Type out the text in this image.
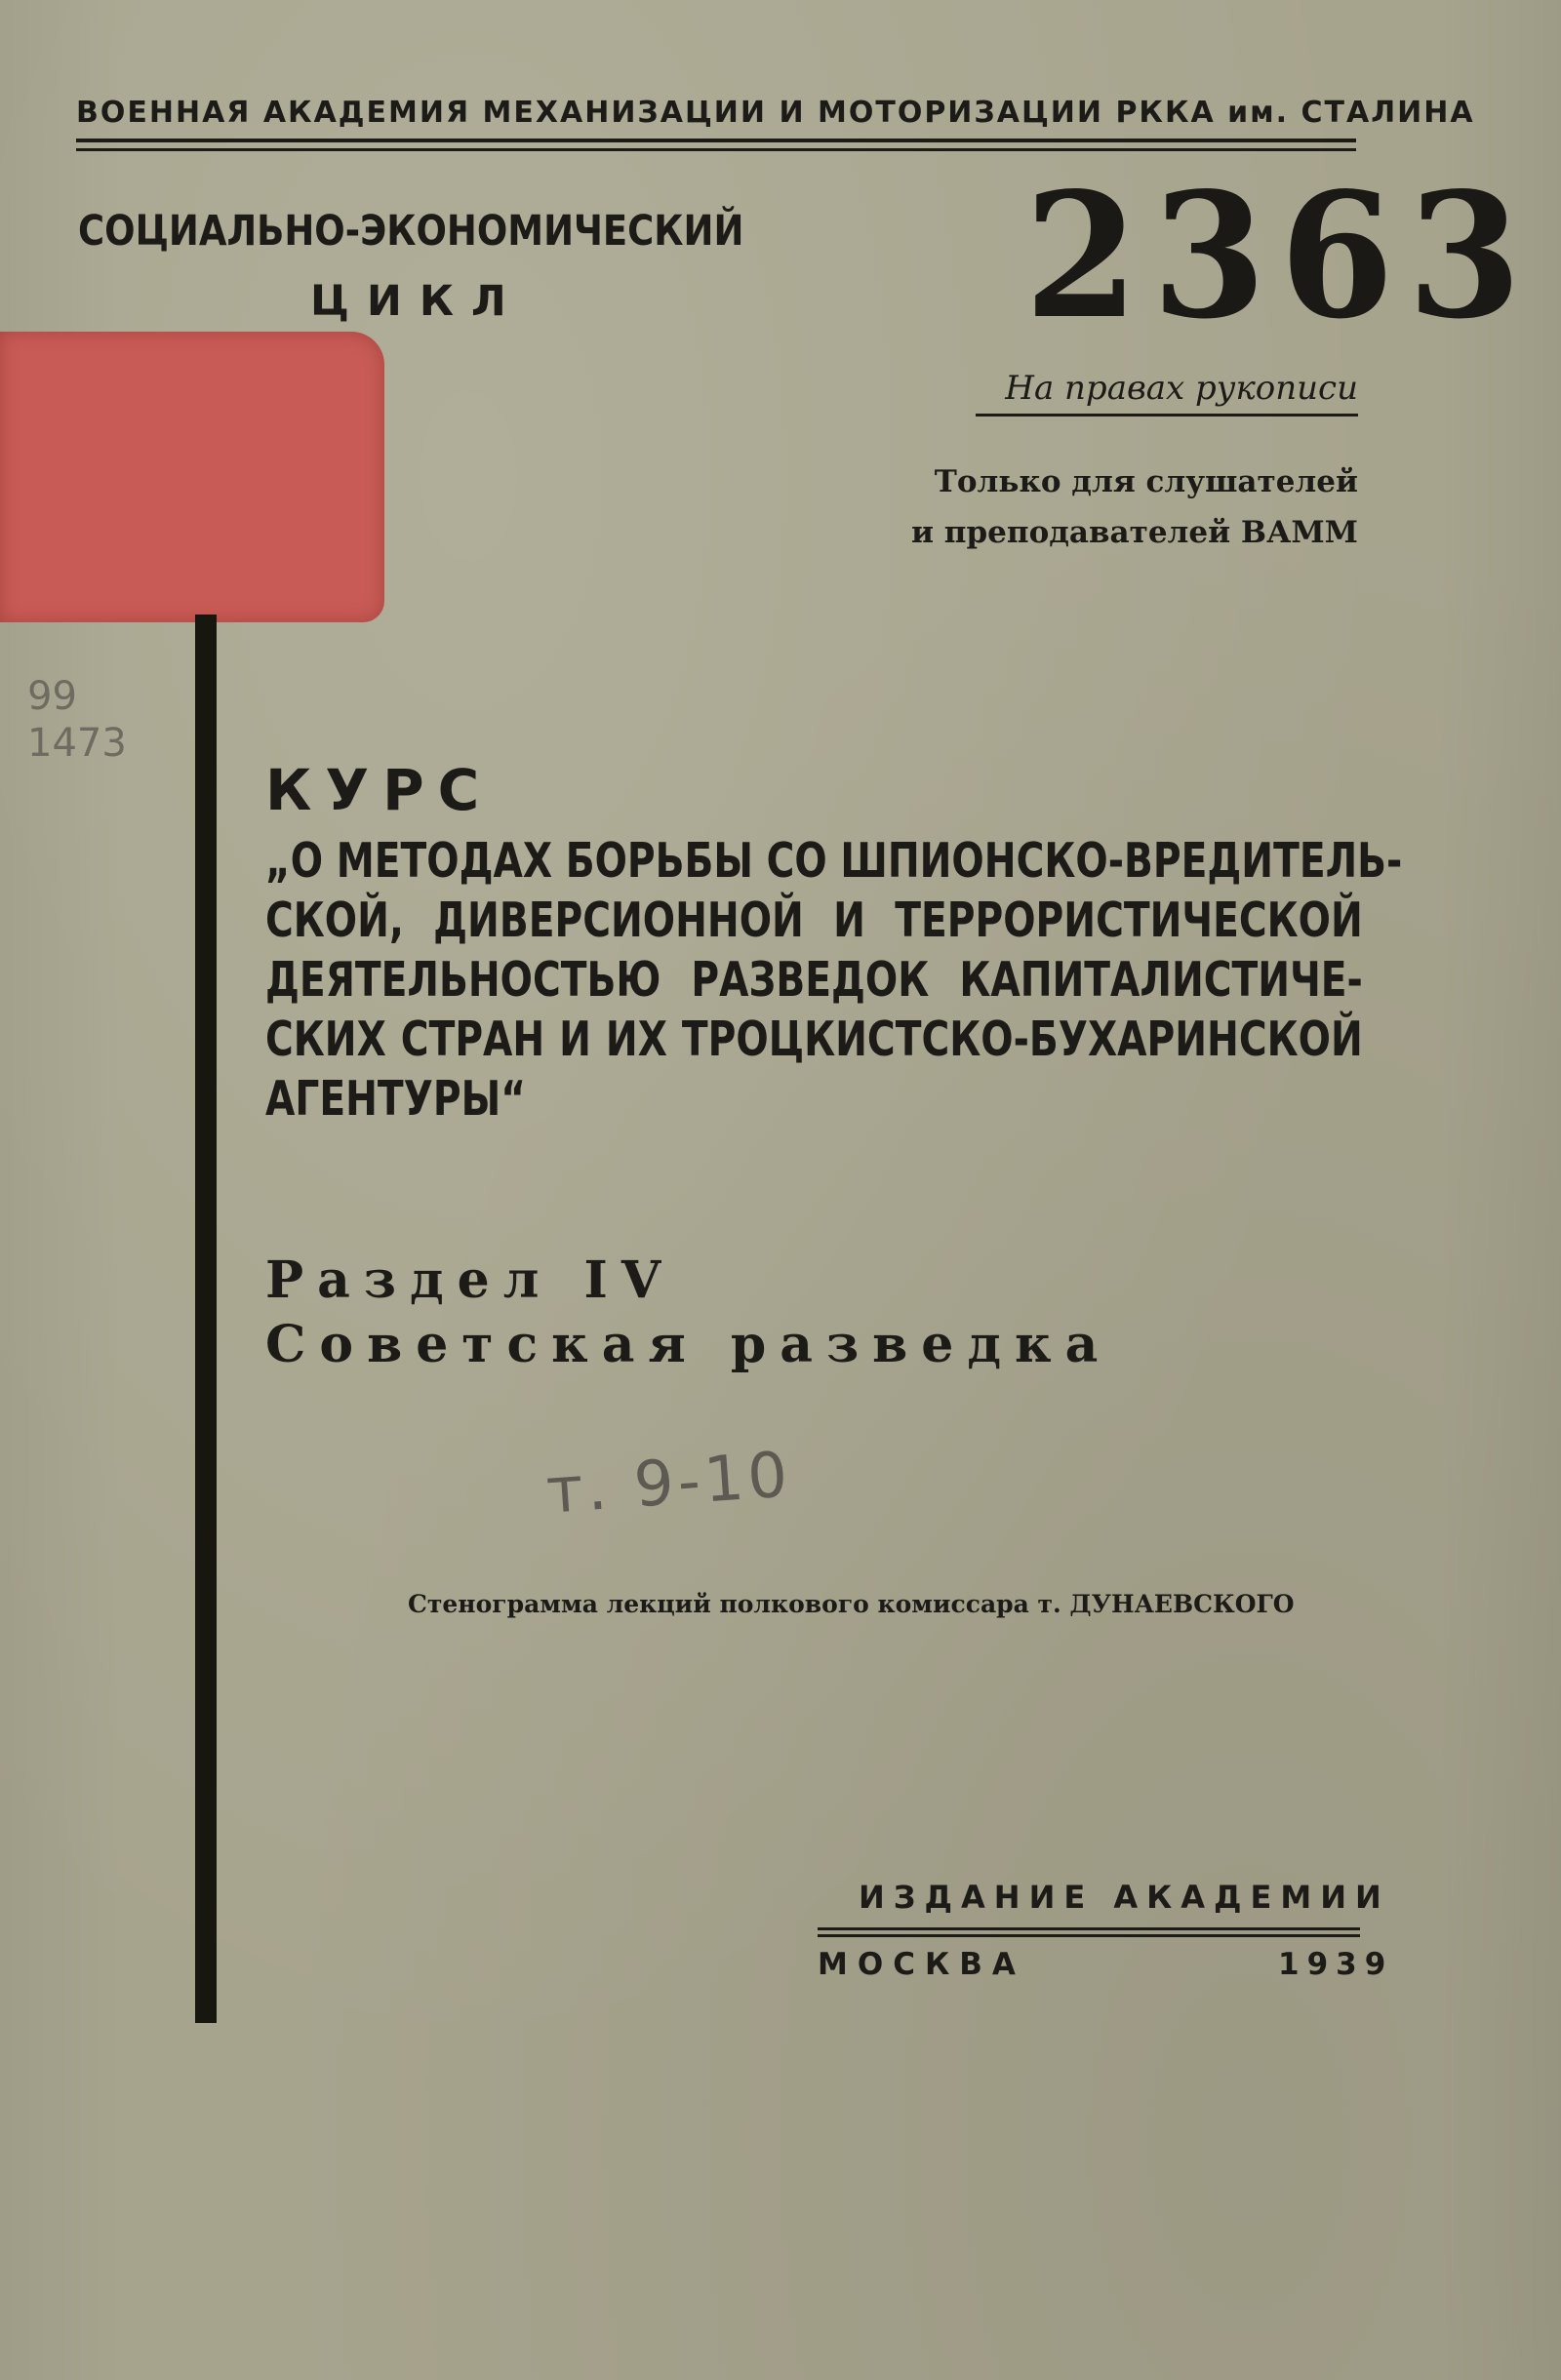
ВОЕННАЯ АКАДЕМИЯ МЕХАНИЗАЦИИ И МОТОРИЗАЦИИ РККА им. СТАЛИНА
СОЦИАЛЬНО-ЭКОНОМИЧЕСКИЙ
ЦИКЛ	2363
На правах рукописи
Только для слушателей
и преподавателей ВАММ
99
1473
КУРС
„О МЕТОДАХ БОРЬБЫ СО ШПИОНСКО-ВРЕДИТЕЛЬ-
СКОЙ, ДИВЕРСИОННОЙ И ТЕРРОРИСТИЧЕСКОЙ
ДЕЯТЕЛЬНОСТЬЮ РАЗВЕДОК КАПИТАЛИСТИЧЕ-
СКИХ СТРАН И ИХ ТРОЦКИСТСКО-БУХАРИНСКОЙ
АГЕНТУРЫ“
Раздел IV
Советская разведка
т. 9-10
Стенограмма лекций полкового комиссара т. ДУНАЕВСКОГО
ИЗДАНИЕ АКАДЕМИИ
МОСКВА	1939
